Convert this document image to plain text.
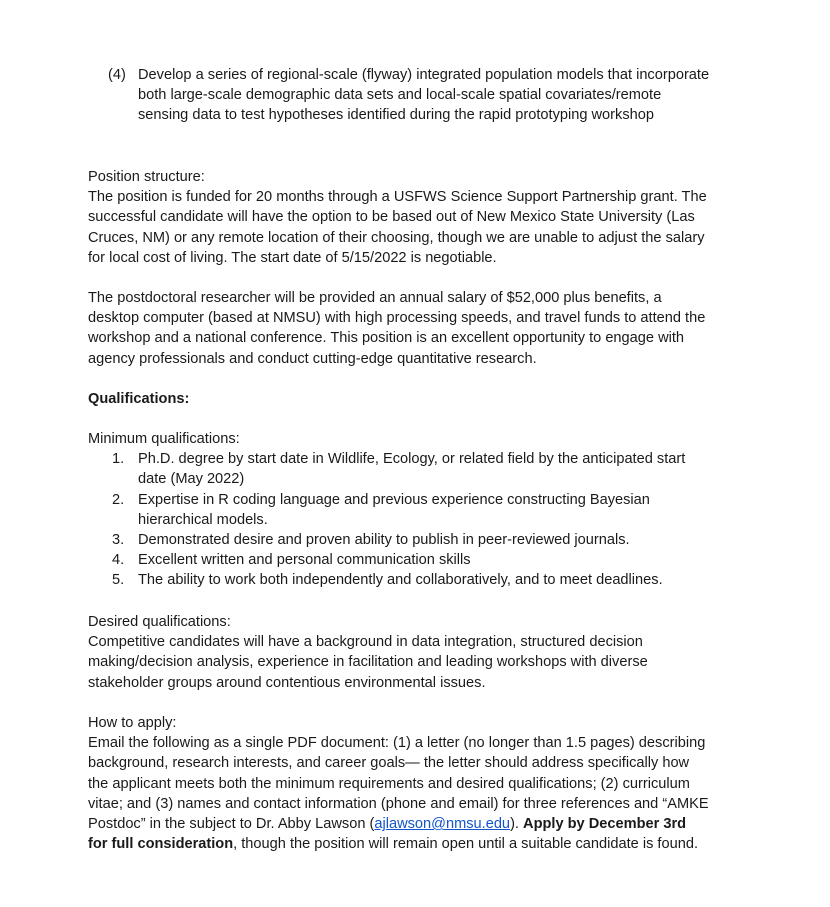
(4) Develop a series of regional-scale (flyway) integrated population models that incorporate
both large-scale demographic data sets and local-scale spatial covariates/remote
sensing data to test hypotheses identified during the rapid prototyping workshop
Position structure:
The position is funded for 20 months through a USFWS Science Support Partnership grant. The
successful candidate will have the option to be based out of New Mexico State University (Las
Cruces, NM) or any remote location of their choosing, though we are unable to adjust the salary
for local cost of living. The start date of 5/15/2022 is negotiable.
The postdoctoral researcher will be provided an annual salary of $52,000 plus benefits, a
desktop computer (based at NMSU) with high processing speeds, and travel funds to attend the
workshop and a national conference. This position is an excellent opportunity to engage with
agency professionals and conduct cutting-edge quantitative research.
Qualifications:
Minimum qualifications:
1. Ph.D. degree by start date in Wildlife, Ecology, or related field by the anticipated start
date (May 2022)
2. Expertise in R coding language and previous experience constructing Bayesian
hierarchical models.
3. Demonstrated desire and proven ability to publish in peer-reviewed journals.
4. Excellent written and personal communication skills
5. The ability to work both independently and collaboratively, and to meet deadlines.
Desired qualifications:
Competitive candidates will have a background in data integration, structured decision
making/decision analysis, experience in facilitation and leading workshops with diverse
stakeholder groups around contentious environmental issues.
How to apply:
Email the following as a single PDF document: (1) a letter (no longer than 1.5 pages) describing
background, research interests, and career goals— the letter should address specifically how
the applicant meets both the minimum requirements and desired qualifications; (2) curriculum
vitae; and (3) names and contact information (phone and email) for three references and “AMKE
Postdoc” in the subject to Dr. Abby Lawson (ajlawson@nmsu.edu). Apply by December 3rd
for full consideration, though the position will remain open until a suitable candidate is found.
